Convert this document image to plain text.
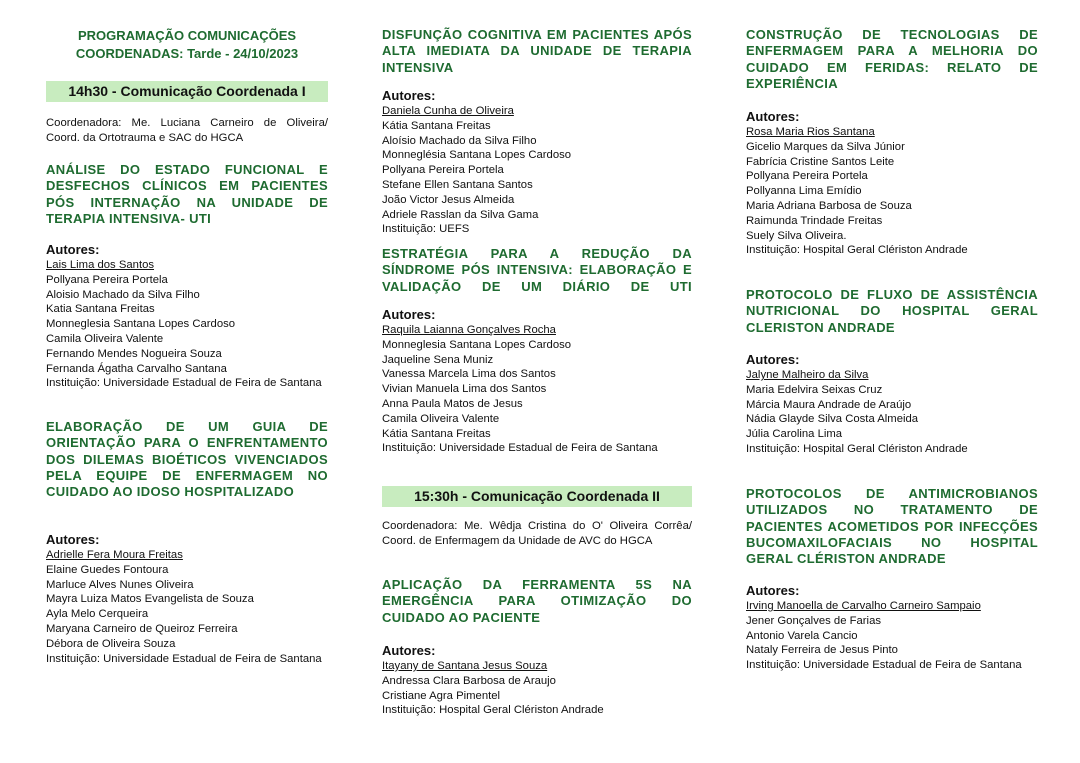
PROGRAMAÇÃO COMUNICAÇÕES COORDENADAS: Tarde - 24/10/2023
14h30 - Comunicação Coordenada I

Coordenadora: Me. Luciana Carneiro de Oliveira/ Coord. da Ortotrauma e SAC do HGCA

ANÁLISE DO ESTADO FUNCIONAL E DESFECHOS CLÍNICOS EM PACIENTES PÓS INTERNAÇÃO NA UNIDADE DE TERAPIA INTENSIVA- UTI

Autores:
Lais Lima dos Santos
Pollyana Pereira Portela
Aloisio Machado da Silva Filho
Katia Santana Freitas
Monneglesia Santana Lopes Cardoso
Camila Oliveira Valente
Fernando Mendes Nogueira Souza
Fernanda Ágatha Carvalho Santana
Instituição: Universidade Estadual de Feira de Santana

ELABORAÇÃO DE UM GUIA DE ORIENTAÇÃO PARA O ENFRENTAMENTO DOS DILEMAS BIOÉTICOS VIVENCIADOS PELA EQUIPE DE ENFERMAGEM NO CUIDADO AO IDOSO HOSPITALIZADO

Autores:
Adrielle Fera Moura Freitas
Elaine Guedes Fontoura
Marluce Alves Nunes Oliveira
Mayra Luiza Matos Evangelista de Souza
Ayla Melo Cerqueira
Maryana Carneiro de Queiroz Ferreira
Débora de Oliveira Souza
Instituição: Universidade Estadual de Feira de Santana

DISFUNÇÃO COGNITIVA EM PACIENTES APÓS ALTA IMEDIATA DA UNIDADE DE TERAPIA INTENSIVA

Autores:
Daniela Cunha de Oliveira
Kátia Santana Freitas
Aloísio Machado da Silva Filho
Monneglésia Santana Lopes Cardoso
Pollyana Pereira Portela
Stefane Ellen Santana Santos
João Victor Jesus Almeida
Adriele Rasslan da Silva Gama
Instituição: UEFS

ESTRATÉGIA PARA A REDUÇÃO DA SÍNDROME PÓS INTENSIVA: ELABORAÇÃO E VALIDAÇÃO DE UM DIÁRIO DE UTI

Autores:
Raquila Laianna Gonçalves Rocha
Monneglesia Santana Lopes Cardoso
Jaqueline Sena Muniz
Vanessa Marcela Lima dos Santos
Vivian Manuela Lima dos Santos
Anna Paula Matos de Jesus
Camila Oliveira Valente
Kátia Santana Freitas
Instituição: Universidade Estadual de Feira de Santana
15:30h - Comunicação Coordenada II

Coordenadora: Me. Wêdja Cristina do O' Oliveira Corrêa/ Coord. de Enfermagem da Unidade de AVC do HGCA

APLICAÇÃO DA FERRAMENTA 5S NA EMERGÊNCIA PARA OTIMIZAÇÃO DO CUIDADO AO PACIENTE

Autores:
Itayany de Santana Jesus Souza
Andressa Clara Barbosa de Araujo
Cristiane Agra Pimentel
Instituição: Hospital Geral Clériston Andrade

CONSTRUÇÃO DE TECNOLOGIAS DE ENFERMAGEM PARA A MELHORIA DO CUIDADO EM FERIDAS: RELATO DE EXPERIÊNCIA

Autores:
Rosa Maria Rios Santana
Gicelio Marques da Silva Júnior
Fabrícia Cristine Santos Leite
Pollyana Pereira Portela
Pollyanna Lima Emídio
Maria Adriana Barbosa de Souza
Raimunda Trindade Freitas
Suely Silva Oliveira.
Instituição: Hospital Geral Clériston Andrade

PROTOCOLO DE FLUXO DE ASSISTÊNCIA NUTRICIONAL DO HOSPITAL GERAL CLERISTON ANDRADE

Autores:
Jalyne Malheiro da Silva
Maria Edelvira Seixas Cruz
Márcia Maura Andrade de Araújo
Nádia Glayde Silva Costa Almeida
Júlia Carolina Lima
Instituição: Hospital Geral Clériston Andrade

PROTOCOLOS DE ANTIMICROBIANOS UTILIZADOS NO TRATAMENTO DE PACIENTES ACOMETIDOS POR INFECÇÕES BUCOMAXILOFACIAIS NO HOSPITAL GERAL CLÉRISTON ANDRADE

Autores:
Irving Manoella de Carvalho Carneiro Sampaio
Jener Gonçalves de Farias
Antonio Varela Cancio
Nataly Ferreira de Jesus Pinto
Instituição: Universidade Estadual de Feira de Santana
